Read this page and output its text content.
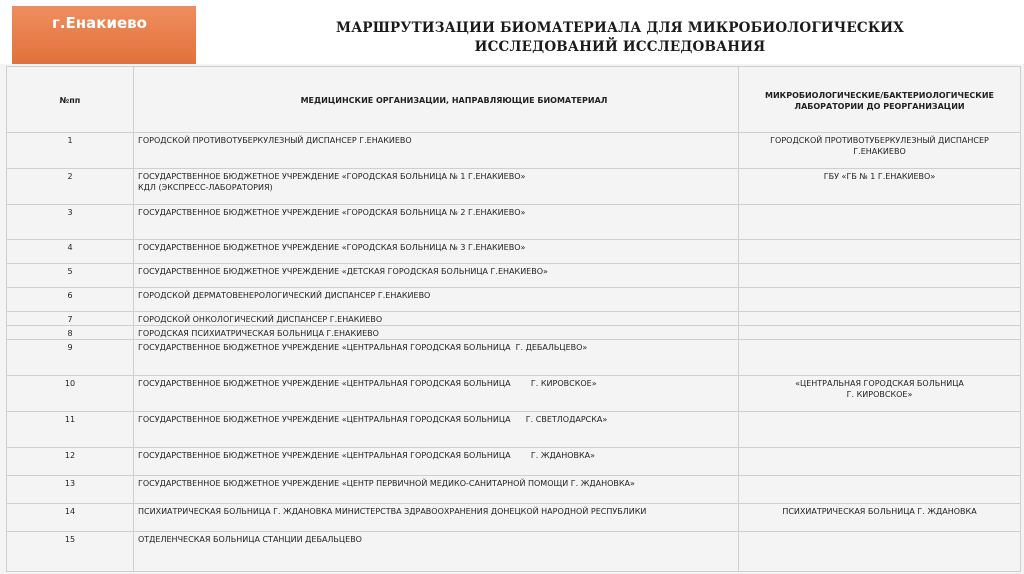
г.Енакиево	МАРШРУТИЗАЦИИ БИОМАТЕРИАЛА ДЛЯ МИКРОБИОЛОГИЧЕСКИХ
ИССЛЕДОВАНИЙ ИССЛЕДОВАНИЯ
№пп	МЕДИЦИНСКИЕ ОРГАНИЗАЦИИ, НАПРАВЛЯЮЩИЕ БИОМАТЕРИАЛ	МИКРОБИОЛОГИЧЕСКИЕ/БАКТЕРИОЛОГИЧЕСКИЕ
ЛАБОРАТОРИИ ДО РЕОРГАНИЗАЦИИ

1	ГОРОДСКОЙ ПРОТИВОТУБЕРКУЛЕЗНЫЙ ДИСПАНСЕР Г.ЕНАКИЕВО	ГОРОДСКОЙ ПРОТИВОТУБЕРКУЛЕЗНЫЙ ДИСПАНСЕР
Г.ЕНАКИЕВО

2	ГОСУДАРСТВЕННОЕ БЮДЖЕТНОЕ УЧРЕЖДЕНИЕ «ГОРОДСКАЯ БОЛЬНИЦА № 1 Г.ЕНАКИЕВО»
КДЛ (ЭКСПРЕСС-ЛАБОРАТОРИЯ)	ГБУ «ГБ № 1 Г.ЕНАКИЕВО»

3	ГОСУДАРСТВЕННОЕ БЮДЖЕТНОЕ УЧРЕЖДЕНИЕ «ГОРОДСКАЯ БОЛЬНИЦА № 2 Г.ЕНАКИЕВО»	

4	ГОСУДАРСТВЕННОЕ БЮДЖЕТНОЕ УЧРЕЖДЕНИЕ «ГОРОДСКАЯ БОЛЬНИЦА № 3 Г.ЕНАКИЕВО»	

5	ГОСУДАРСТВЕННОЕ БЮДЖЕТНОЕ УЧРЕЖДЕНИЕ «ДЕТСКАЯ ГОРОДСКАЯ БОЛЬНИЦА Г.ЕНАКИЕВО»	

6	ГОРОДСКОЙ ДЕРМАТОВЕНЕРОЛОГИЧЕСКИЙ ДИСПАНСЕР Г.ЕНАКИЕВО	

7	ГОРОДСКОЙ ОНКОЛОГИЧЕСКИЙ ДИСПАНСЕР Г.ЕНАКИЕВО	

8	ГОРОДСКАЯ ПСИХИАТРИЧЕСКАЯ БОЛЬНИЦА Г.ЕНАКИЕВО	

9	ГОСУДАРСТВЕННОЕ БЮДЖЕТНОЕ УЧРЕЖДЕНИЕ «ЦЕНТРАЛЬНАЯ ГОРОДСКАЯ БОЛЬНИЦА  Г. ДЕБАЛЬЦЕВО»	

10	ГОСУДАРСТВЕННОЕ БЮДЖЕТНОЕ УЧРЕЖДЕНИЕ «ЦЕНТРАЛЬНАЯ ГОРОДСКАЯ БОЛЬНИЦА        Г. КИРОВСКОЕ»	«ЦЕНТРАЛЬНАЯ ГОРОДСКАЯ БОЛЬНИЦА
Г. КИРОВСКОЕ»

11	ГОСУДАРСТВЕННОЕ БЮДЖЕТНОЕ УЧРЕЖДЕНИЕ «ЦЕНТРАЛЬНАЯ ГОРОДСКАЯ БОЛЬНИЦА      Г. СВЕТЛОДАРСКА»	

12	ГОСУДАРСТВЕННОЕ БЮДЖЕТНОЕ УЧРЕЖДЕНИЕ «ЦЕНТРАЛЬНАЯ ГОРОДСКАЯ БОЛЬНИЦА        Г. ЖДАНОВКА»	

13	ГОСУДАРСТВЕННОЕ БЮДЖЕТНОЕ УЧРЕЖДЕНИЕ «ЦЕНТР ПЕРВИЧНОЙ МЕДИКО-САНИТАРНОЙ ПОМОЩИ Г. ЖДАНОВКА»	

14	ПСИХИАТРИЧЕСКАЯ БОЛЬНИЦА Г. ЖДАНОВКА МИНИСТЕРСТВА ЗДРАВООХРАНЕНИЯ ДОНЕЦКОЙ НАРОДНОЙ РЕСПУБЛИКИ	ПСИХИАТРИЧЕСКАЯ БОЛЬНИЦА Г. ЖДАНОВКА

15	ОТДЕЛЕНЧЕСКАЯ БОЛЬНИЦА СТАНЦИИ ДЕБАЛЬЦЕВО	
